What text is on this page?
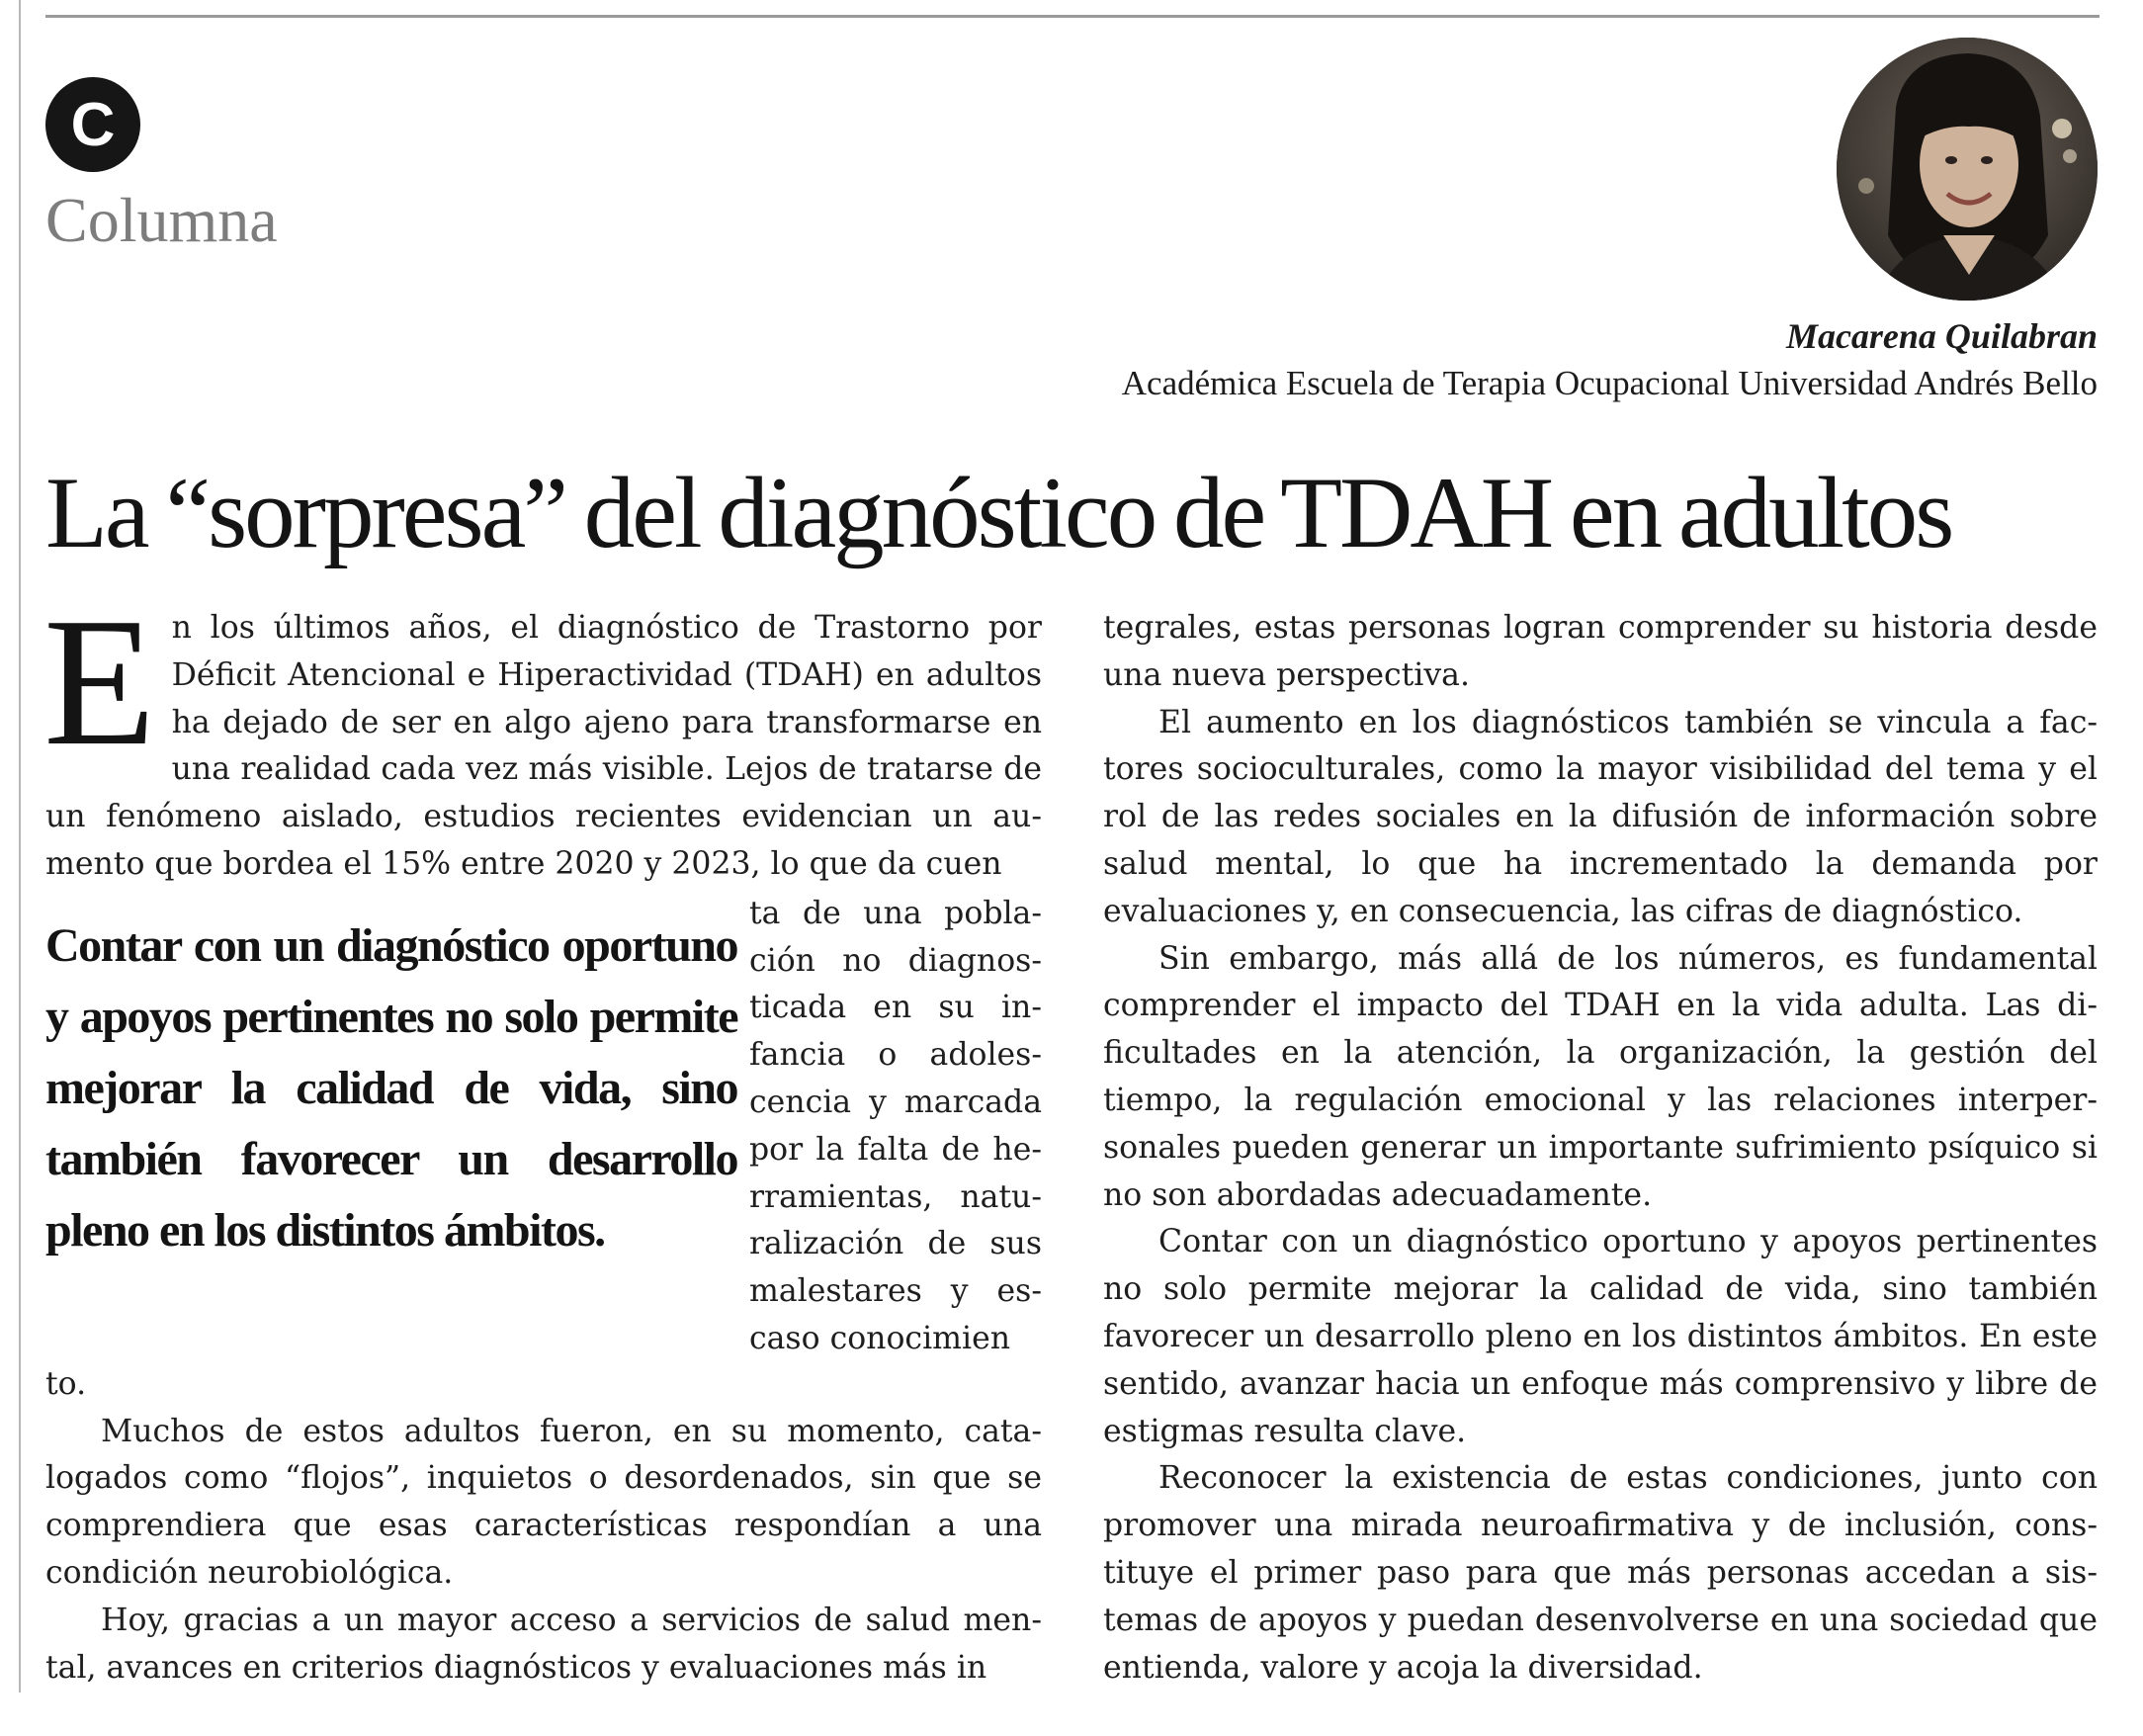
C
Columna
Macarena Quilabran
Académica Escuela de Terapia Ocupacional Universidad Andrés Bello
La “sorpresa” del diagnóstico de TDAH en adultos

En los últimos años, el diagnóstico de Trastorno por Déficit Atencional e Hiperactividad (TDAH) en adultos ha dejado de ser en algo ajeno para transformarse en una realidad cada vez más visible. Lejos de tratarse de un fenómeno aislado, estudios recientes evidencian un aumento que bordea el 15% entre 2020 y 2023, lo que da cuen

Contar con un diagnóstico oportuno y apoyos pertinentes no solo permite mejorar la calidad de vida, sino también favorecer un desarrollo pleno en los distintos ámbitos.
ta de una población no diagnosticada en su infancia o adolescencia y marcada por la falta de herramientas, naturalización de sus malestares y escaso conocimien

to.

Muchos de estos adultos fueron, en su momento, catalogados como “flojos”, inquietos o desordenados, sin que se comprendiera que esas características respondían a una condición neurobiológica.

Hoy, gracias a un mayor acceso a servicios de salud mental, avances en criterios diagnósticos y evaluaciones más in

tegrales, estas personas logran comprender su historia desde una nueva perspectiva.

El aumento en los diagnósticos también se vincula a factores socioculturales, como la mayor visibilidad del tema y el rol de las redes sociales en la difusión de información sobre salud mental, lo que ha incrementado la demanda por evaluaciones y, en consecuencia, las cifras de diagnóstico.

Sin embargo, más allá de los números, es fundamental comprender el impacto del TDAH en la vida adulta. Las dificultades en la atención, la organización, la gestión del tiempo, la regulación emocional y las relaciones interpersonales pueden generar un importante sufrimiento psíquico si no son abordadas adecuadamente.

Contar con un diagnóstico oportuno y apoyos pertinentes no solo permite mejorar la calidad de vida, sino también favorecer un desarrollo pleno en los distintos ámbitos. En este sentido, avanzar hacia un enfoque más comprensivo y libre de estigmas resulta clave.

Reconocer la existencia de estas condiciones, junto con promover una mirada neuroafirmativa y de inclusión, constituye el primer paso para que más personas accedan a sistemas de apoyos y puedan desenvolverse en una sociedad que entienda, valore y acoja la diversidad.
